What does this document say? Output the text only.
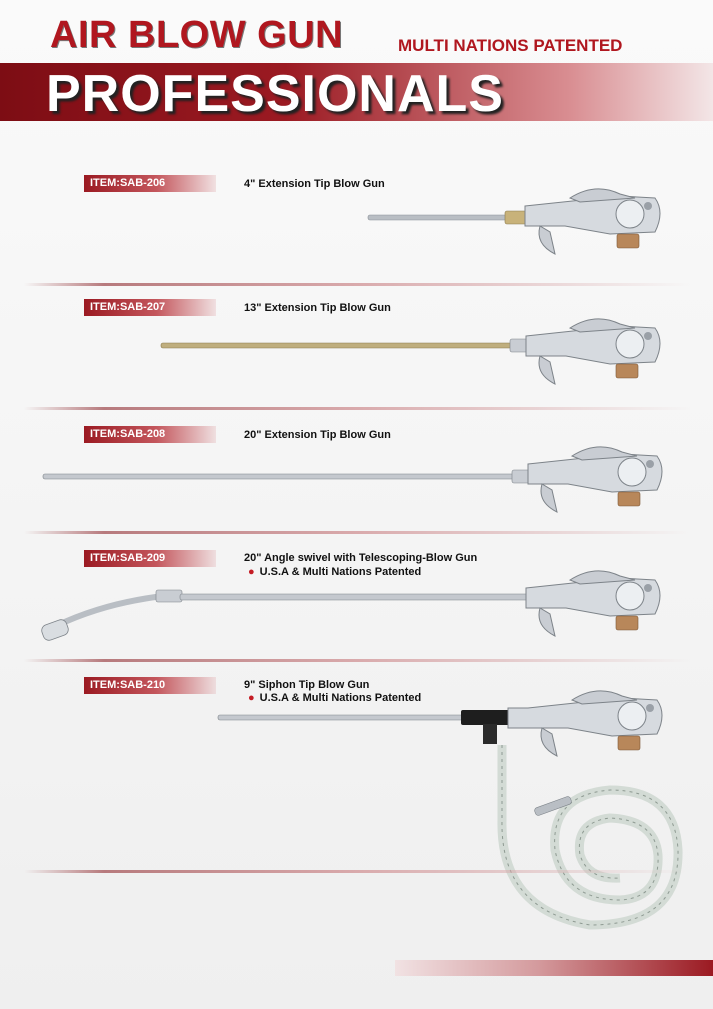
AIR BLOW GUN	MULTI NATIONS PATENTED
PROFESSIONALS
ITEM:SAB-206	4" Extension Tip Blow Gun
ITEM:SAB-207	13" Extension Tip Blow Gun
ITEM:SAB-208	20" Extension Tip Blow Gun
ITEM:SAB-209	20" Angle swivel with Telescoping-Blow Gun
● U.S.A & Multi Nations Patented
ITEM:SAB-210	9" Siphon Tip Blow Gun
● U.S.A & Multi Nations Patented
